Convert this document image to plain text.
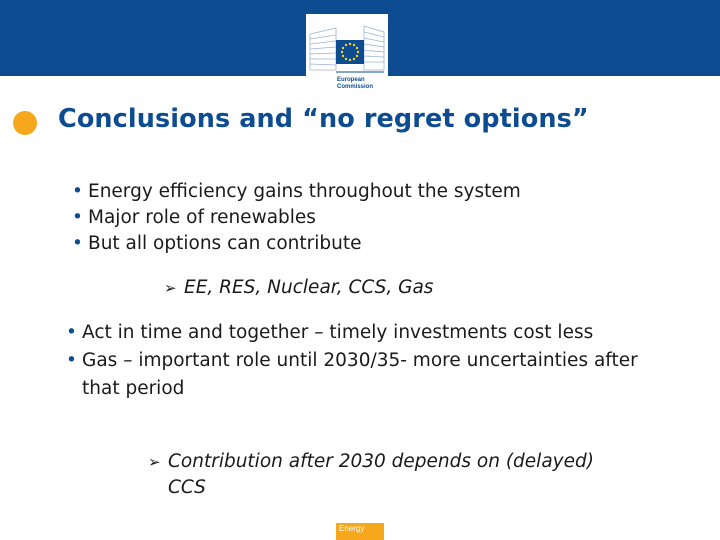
European Commission
Conclusions and “no regret options”
• Energy efficiency gains throughout the system
• Major role of renewables
• But all options can contribute
➢ EE, RES, Nuclear, CCS, Gas
• Act in time and together – timely investments cost less
• Gas – important role until 2030/35- more uncertainties after that period
➢ Contribution after 2030 depends on (delayed) CCS
Energy
